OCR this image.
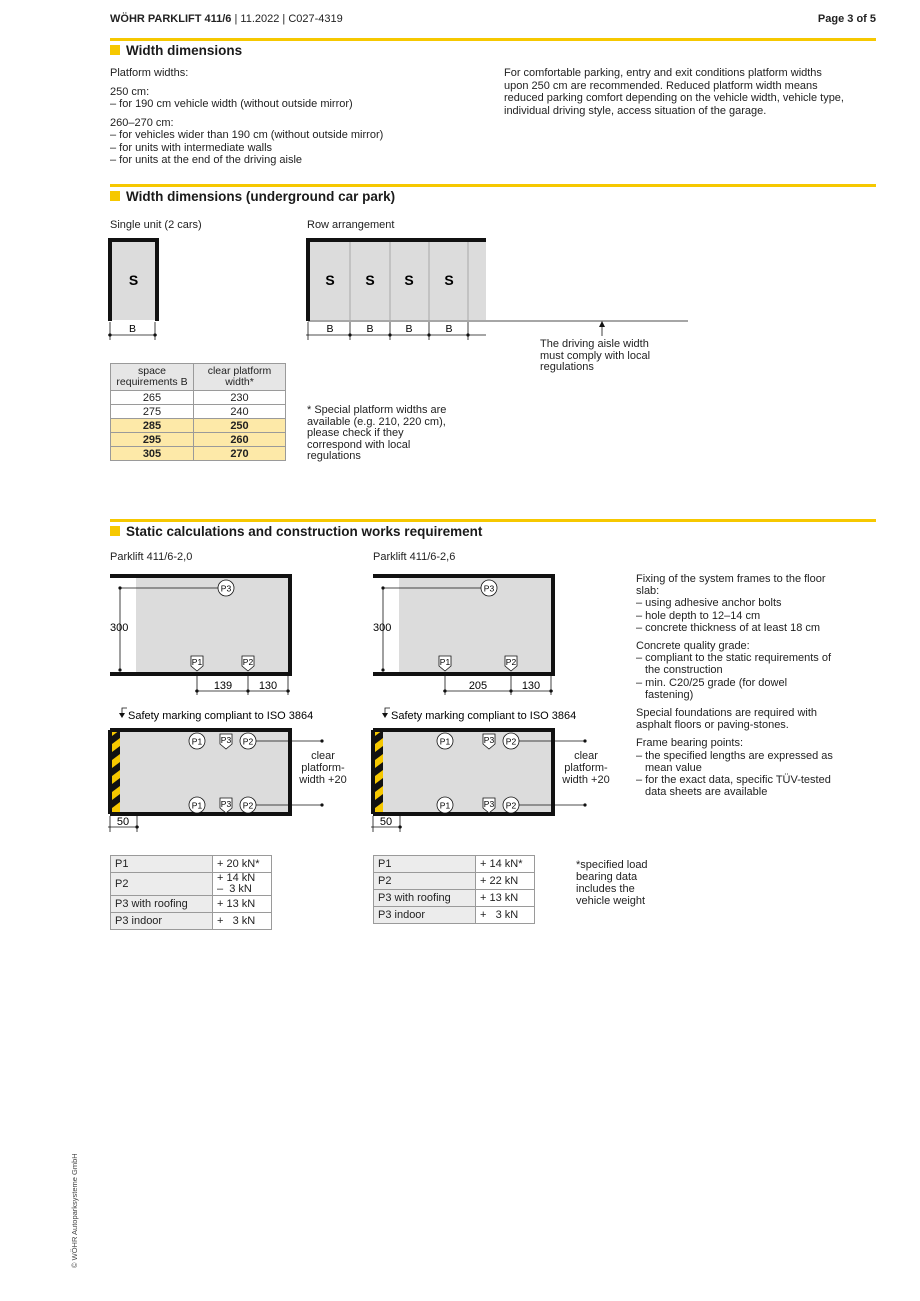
WÖHR PARKLIFT 411/6 | 11.2022 | C027-4319	Page 3 of 5
Width dimensions
Platform widths:
250 cm:
– for 190 cm vehicle width (without outside mirror)
260–270 cm:
– for vehicles wider than 190 cm (without outside mirror)
– for units with intermediate walls
– for units at the end of the driving aisle
For comfortable parking, entry and exit conditions platform widths upon 250 cm are recommended. Reduced platform width means reduced parking comfort depending on the vehicle width, vehicle type, individual driving style, access situation of the garage.
Width dimensions (underground car park)
Single unit (2 cars)	Row arrangement
S
B
S S S S
B	B	B	B
The driving aisle width must comply with local regulations
space requirements B	clear platform width*
265	230
275	240
285	250
295	260
305	270
* Special platform widths are available (e.g. 210, 220 cm), please check if they correspond with local regulations
Static calculations and construction works requirement
Parklift 411/6-2,0	Parklift 411/6-2,6
300
P3
P1	P2
139 130
Safety marking compliant to ISO 3864
P1 P3 P2
P1 P3 P2
50
clear platform- width +20
300
P3
P1	P2
205	130
Safety marking compliant to ISO 3864
P1	P3 P2
P1	P3 P2
50
clear platform- width +20
Fixing of the system frames to the floor slab:
– using adhesive anchor bolts
– hole depth to 12–14 cm
– concrete thickness of at least 18 cm
Concrete quality grade:
– compliant to the static requirements of the construction
– min. C20/25 grade (for dowel fastening)
Special foundations are required with asphalt floors or paving-stones.
Frame bearing points:
– the specified lengths are expressed as mean value
– for the exact data, specific TÜV-tested data sheets are available
P1	+ 20 kN*
P2	+ 14 kN
–  3 kN
P3 with roofing	+ 13 kN
P3 indoor	+   3 kN
P1	+ 14 kN*
P2	+ 22 kN
P3 with roofing	+ 13 kN
P3 indoor	+   3 kN
*specified load bearing data includes the vehicle weight
© WÖHR Autoparksysteme GmbH
